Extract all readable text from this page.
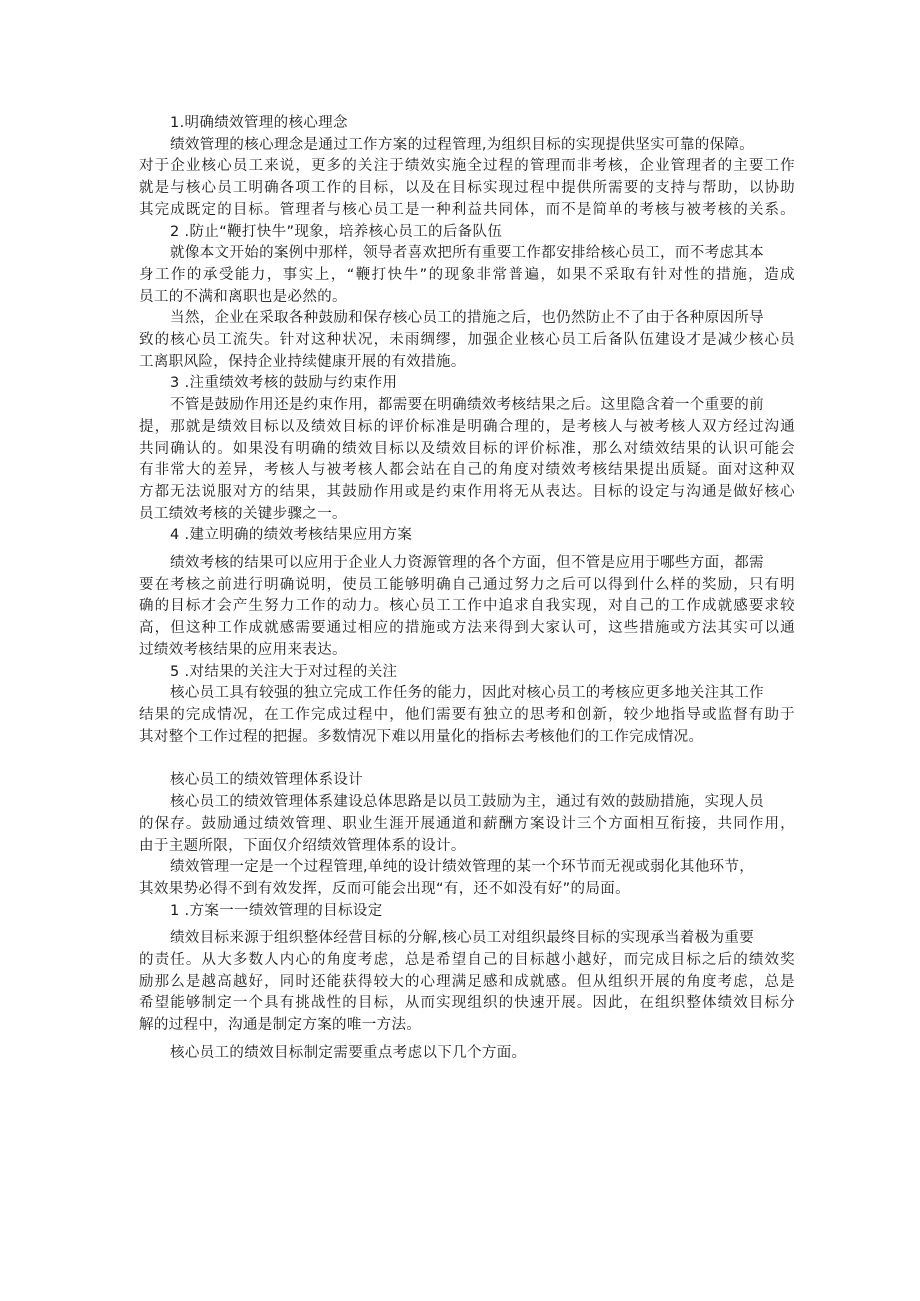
1.明确绩效管理的核心理念
绩效管理的核心理念是通过工作方案的过程管理,为组织目标的实现提供坚实可靠的保障。
对于企业核心员工来说，更多的关注于绩效实施全过程的管理而非考核，企业管理者的主要工作
就是与核心员工明确各项工作的目标，以及在目标实现过程中提供所需要的支持与帮助，以协助
其完成既定的目标。管理者与核心员工是一种利益共同体，而不是简单的考核与被考核的关系。
2 .防止“鞭打快牛”现象，培养核心员工的后备队伍
就像本文开始的案例中那样，领导者喜欢把所有重要工作都安排给核心员工，而不考虑其本
身工作的承受能力，事实上，“鞭打快牛”的现象非常普遍，如果不采取有针对性的措施，造成
员工的不满和离职也是必然的。
当然，企业在采取各种鼓励和保存核心员工的措施之后，也仍然防止不了由于各种原因所导
致的核心员工流失。针对这种状况，未雨绸缪，加强企业核心员工后备队伍建设才是减少核心员
工离职风险，保持企业持续健康开展的有效措施。
3 .注重绩效考核的鼓励与约束作用
不管是鼓励作用还是约束作用，都需要在明确绩效考核结果之后。这里隐含着一个重要的前
提，那就是绩效目标以及绩效目标的评价标准是明确合理的，是考核人与被考核人双方经过沟通
共同确认的。如果没有明确的绩效目标以及绩效目标的评价标准，那么对绩效结果的认识可能会
有非常大的差异，考核人与被考核人都会站在自己的角度对绩效考核结果提出质疑。面对这种双
方都无法说服对方的结果，其鼓励作用或是约束作用将无从表达。目标的设定与沟通是做好核心
员工绩效考核的关键步骤之一。
4 .建立明确的绩效考核结果应用方案
绩效考核的结果可以应用于企业人力资源管理的各个方面，但不管是应用于哪些方面，都需
要在考核之前进行明确说明，使员工能够明确自己通过努力之后可以得到什么样的奖励，只有明
确的目标才会产生努力工作的动力。核心员工工作中追求自我实现，对自己的工作成就感要求较
高，但这种工作成就感需要通过相应的措施或方法来得到大家认可，这些措施或方法其实可以通
过绩效考核结果的应用来表达。
5 .对结果的关注大于对过程的关注
核心员工具有较强的独立完成工作任务的能力，因此对核心员工的考核应更多地关注其工作
结果的完成情况，在工作完成过程中，他们需要有独立的思考和创新，较少地指导或监督有助于
其对整个工作过程的把握。多数情况下难以用量化的指标去考核他们的工作完成情况。
核心员工的绩效管理体系设计
核心员工的绩效管理体系建设总体思路是以员工鼓励为主，通过有效的鼓励措施，实现人员
的保存。鼓励通过绩效管理、职业生涯开展通道和薪酬方案设计三个方面相互衔接，共同作用，
由于主题所限，下面仅介绍绩效管理体系的设计。
绩效管理一定是一个过程管理,单纯的设计绩效管理的某一个环节而无视或弱化其他环节，
其效果势必得不到有效发挥，反而可能会出现“有，还不如没有好”的局面。
1 .方案一一绩效管理的目标设定
绩效目标来源于组织整体经营目标的分解,核心员工对组织最终目标的实现承当着极为重要
的责任。从大多数人内心的角度考虑，总是希望自己的目标越小越好，而完成目标之后的绩效奖
励那么是越高越好，同时还能获得较大的心理满足感和成就感。但从组织开展的角度考虑，总是
希望能够制定一个具有挑战性的目标，从而实现组织的快速开展。因此，在组织整体绩效目标分
解的过程中，沟通是制定方案的唯一方法。
核心员工的绩效目标制定需要重点考虑以下几个方面。
